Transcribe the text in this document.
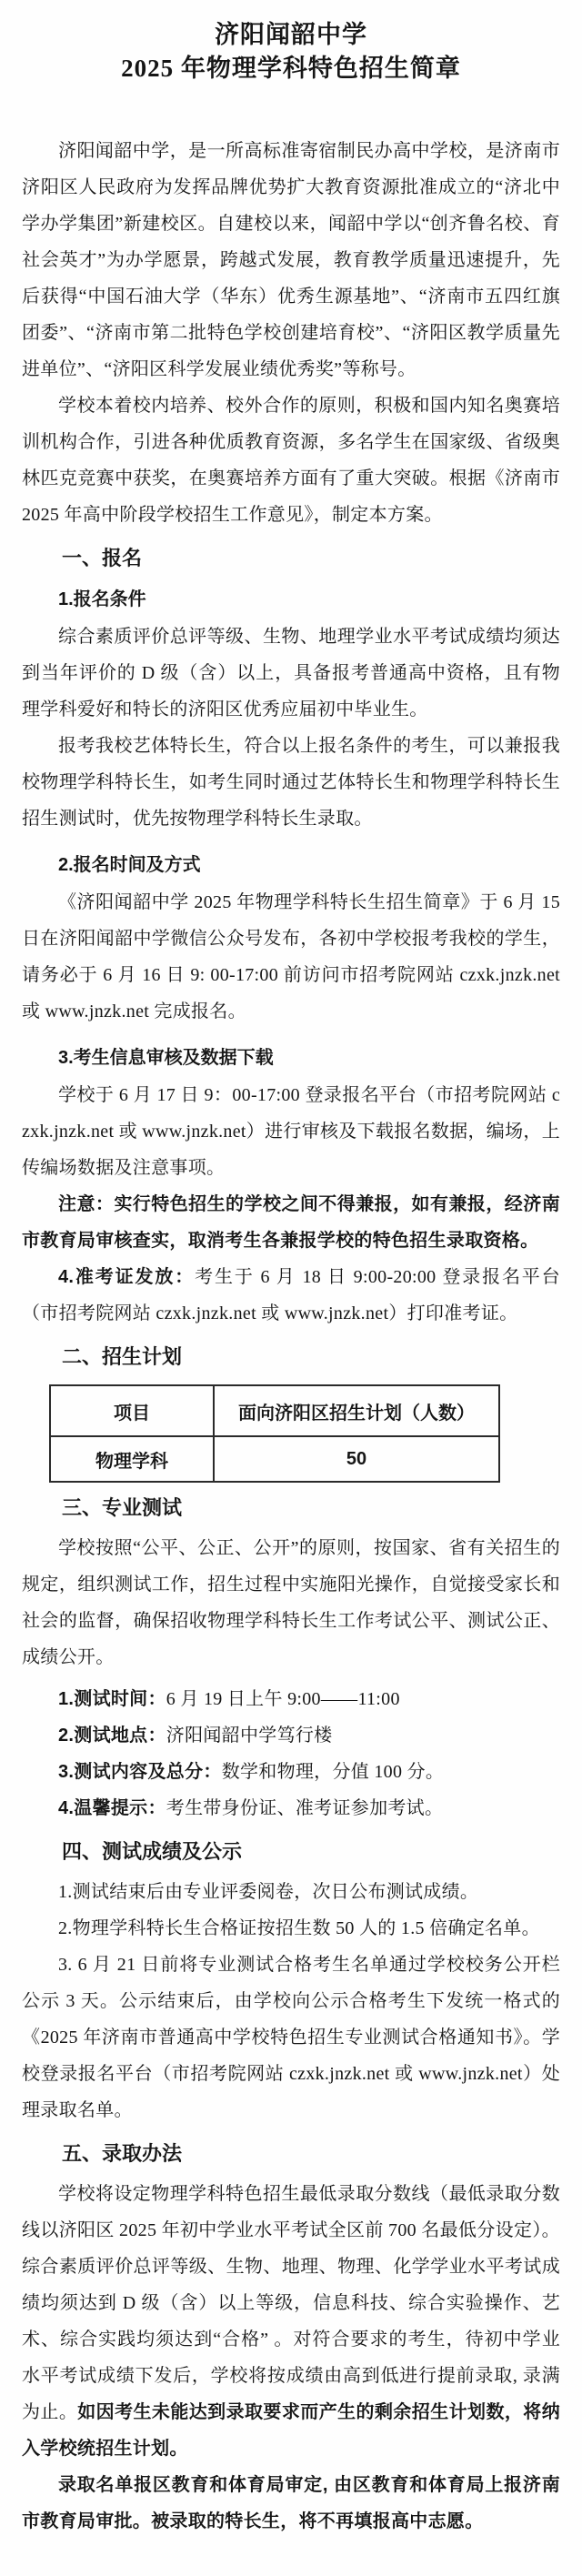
济阳闻韶中学
2025 年物理学科特色招生简章

济阳闻韶中学，是一所高标准寄宿制民办高中学校，是济南市济阳区人民政府为发挥品牌优势扩大教育资源批准成立的“济北中学办学集团”新建校区。自建校以来，闻韶中学以“创齐鲁名校、育社会英才”为办学愿景，跨越式发展，教育教学质量迅速提升，先后获得“中国石油大学（华东）优秀生源基地”、“济南市五四红旗团委”、“济南市第二批特色学校创建培育校”、“济阳区教学质量先进单位”、“济阳区科学发展业绩优秀奖”等称号。

学校本着校内培养、校外合作的原则，积极和国内知名奥赛培训机构合作，引进各种优质教育资源，多名学生在国家级、省级奥林匹克竞赛中获奖，在奥赛培养方面有了重大突破。根据《济南市 2025 年高中阶段学校招生工作意见》，制定本方案。

一、报名
1.报名条件

综合素质评价总评等级、生物、地理学业水平考试成绩均须达到当年评价的 D 级（含）以上，具备报考普通高中资格，且有物理学科爱好和特长的济阳区优秀应届初中毕业生。

报考我校艺体特长生，符合以上报名条件的考生，可以兼报我校物理学科特长生，如考生同时通过艺体特长生和物理学科特长生招生测试时，优先按物理学科特长生录取。

2.报名时间及方式

《济阳闻韶中学 2025 年物理学科特长生招生简章》于 6 月 15 日在济阳闻韶中学微信公众号发布，各初中学校报考我校的学生，请务必于 6 月 16 日 9: 00-17:00 前访问市招考院网站 czxk.jnzk.net 或 www.jnzk.net 完成报名。

3.考生信息审核及数据下载

学校于 6 月 17 日 9：00-17:00 登录报名平台（市招考院网站 czxk.jnzk.net 或 www.jnzk.net）进行审核及下载报名数据，编场，上传编场数据及注意事项。

注意：实行特色招生的学校之间不得兼报，如有兼报，经济南市教育局审核查实，取消考生各兼报学校的特色招生录取资格。

4.准考证发放：考生于 6 月 18 日 9:00-20:00 登录报名平台（市招考院网站 czxk.jnzk.net 或 www.jnzk.net）打印准考证。

二、招生计划
项目	面向济阳区招生计划（人数）
物理学科	50
三、专业测试

学校按照“公平、公正、公开”的原则，按国家、省有关招生的规定，组织测试工作，招生过程中实施阳光操作，自觉接受家长和社会的监督，确保招收物理学科特长生工作考试公平、测试公正、成绩公开。

1.测试时间：6 月 19 日上午 9:00——11:00

2.测试地点：济阳闻韶中学笃行楼

3.测试内容及总分：数学和物理，分值 100 分。

4.温馨提示：考生带身份证、准考证参加考试。

四、测试成绩及公示

1.测试结束后由专业评委阅卷，次日公布测试成绩。

2.物理学科特长生合格证按招生数 50 人的 1.5 倍确定名单。

3. 6 月 21 日前将专业测试合格考生名单通过学校校务公开栏公示 3 天。公示结束后，由学校向公示合格考生下发统一格式的《2025 年济南市普通高中学校特色招生专业测试合格通知书》。学校登录报名平台（市招考院网站 czxk.jnzk.net 或 www.jnzk.net）处理录取名单。

五、录取办法

学校将设定物理学科特色招生最低录取分数线（最低录取分数线以济阳区 2025 年初中学业水平考试全区前 700 名最低分设定）。综合素质评价总评等级、生物、地理、物理、化学学业水平考试成绩均须达到 D 级（含）以上等级，信息科技、综合实验操作、艺术、综合实践均须达到“合格” 。对符合要求的考生，待初中学业水平考试成绩下发后，学校将按成绩由高到低进行提前录取, 录满为止。如因考生未能达到录取要求而产生的剩余招生计划数，将纳入学校统招生计划。

录取名单报区教育和体育局审定, 由区教育和体育局上报济南市教育局审批。被录取的特长生，将不再填报高中志愿。
